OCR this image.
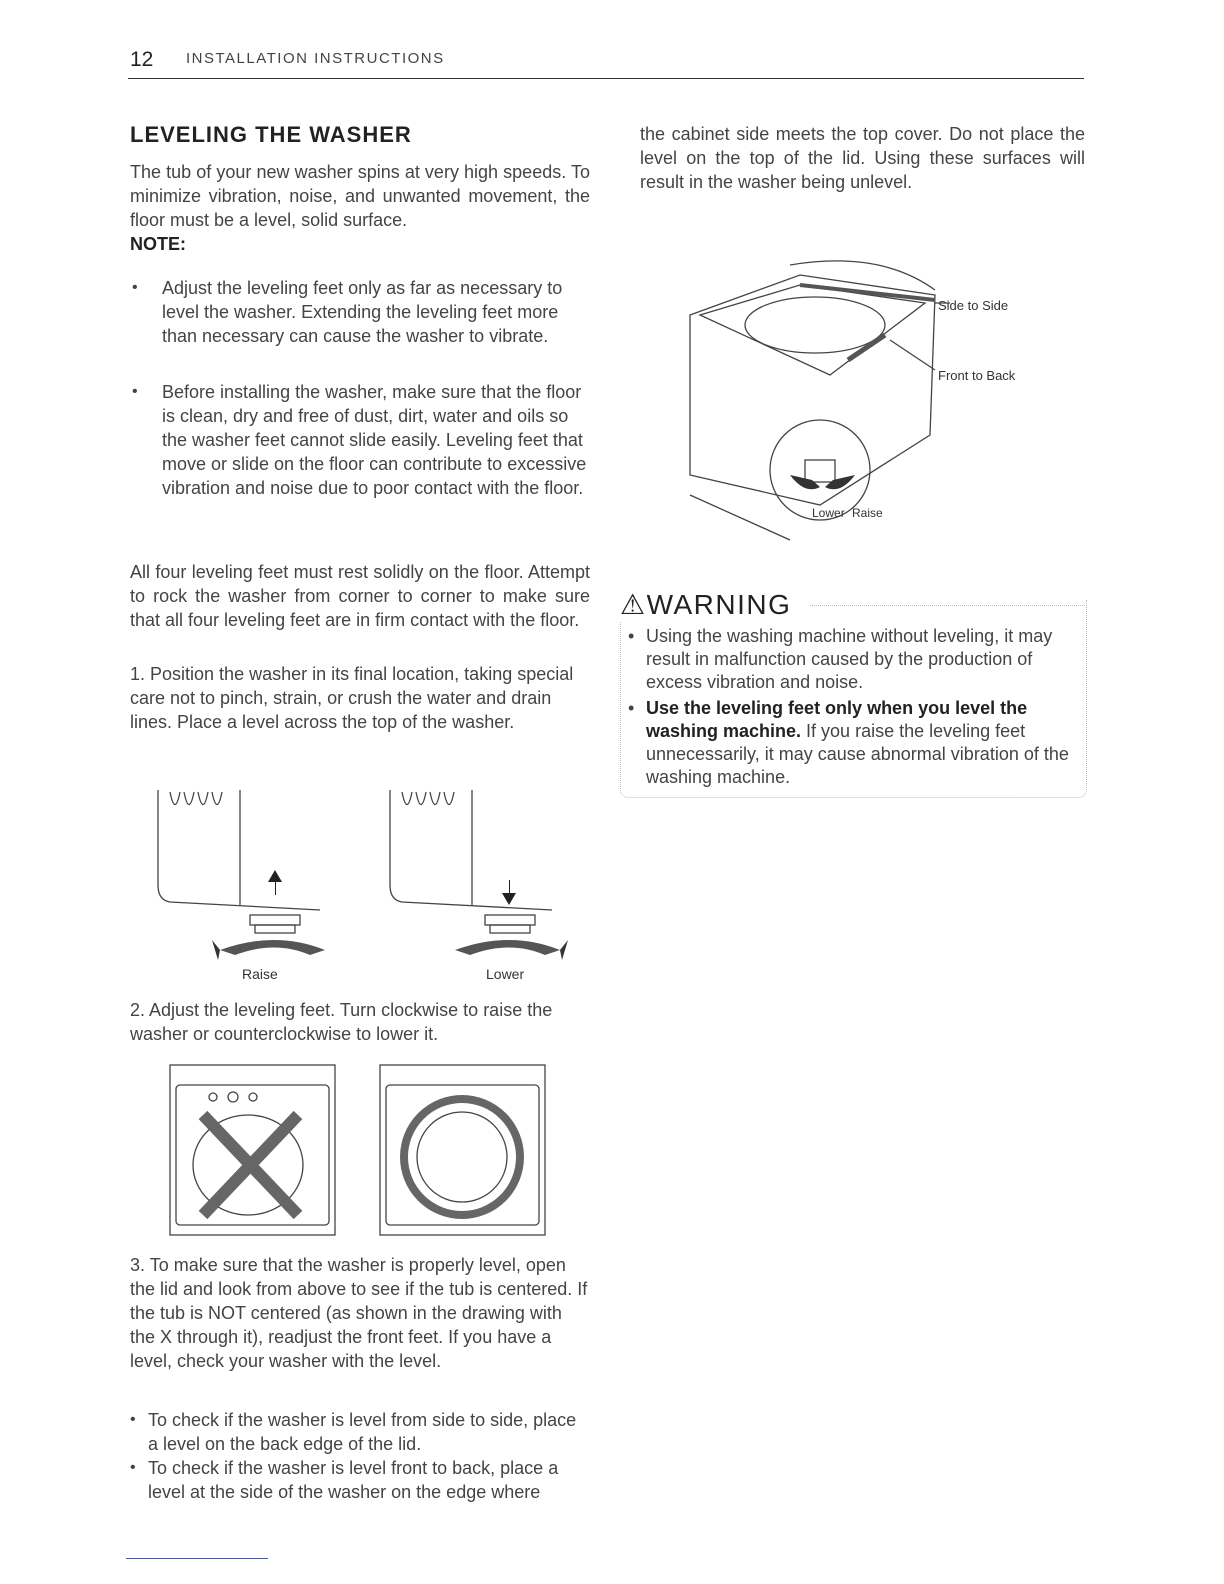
12 INSTALLATION INSTRUCTIONS
LEVELING THE WASHER
The tub of your new washer spins at very high speeds. To minimize vibration, noise, and unwanted movement, the floor must be a level, solid surface.
NOTE:
• Adjust the leveling feet only as far as necessary to level the washer. Extending the leveling feet more than necessary can cause the washer to vibrate.
• Before installing the washer, make sure that the floor is clean, dry and free of dust, dirt, water and oils so the washer feet cannot slide easily. Leveling feet that move or slide on the floor can contribute to excessive vibration and noise due to poor contact with the floor.
All four leveling feet must rest solidly on the floor. Attempt to rock the washer from corner to corner to make sure that all four leveling feet are in firm contact with the floor.
1. Position the washer in its final location, taking special care not to pinch, strain, or crush the water and drain lines. Place a level across the top of the washer.
Raise	Lower
2. Adjust the leveling feet. Turn clockwise to raise the washer or counterclockwise to lower it.
3. To make sure that the washer is properly level, open the lid and look from above to see if the tub is centered. If the tub is NOT centered (as shown in the drawing with the X through it), readjust the front feet. If you have a level, check your washer with the level.
• To check if the washer is level from side to side, place a level on the back edge of the lid.
• To check if the washer is level front to back, place a level at the side of the washer on the edge where
the cabinet side meets the top cover. Do not place the level on the top of the lid. Using these surfaces will result in the washer being unlevel.
Side to Side
Front to Back
Lower Raise
⚠WARNING
• Using the washing machine without leveling, it may result in malfunction caused by the production of excess vibration and noise.
• Use the leveling feet only when you level the washing machine. If you raise the leveling feet unnecessarily, it may cause abnormal vibration of the washing machine.
